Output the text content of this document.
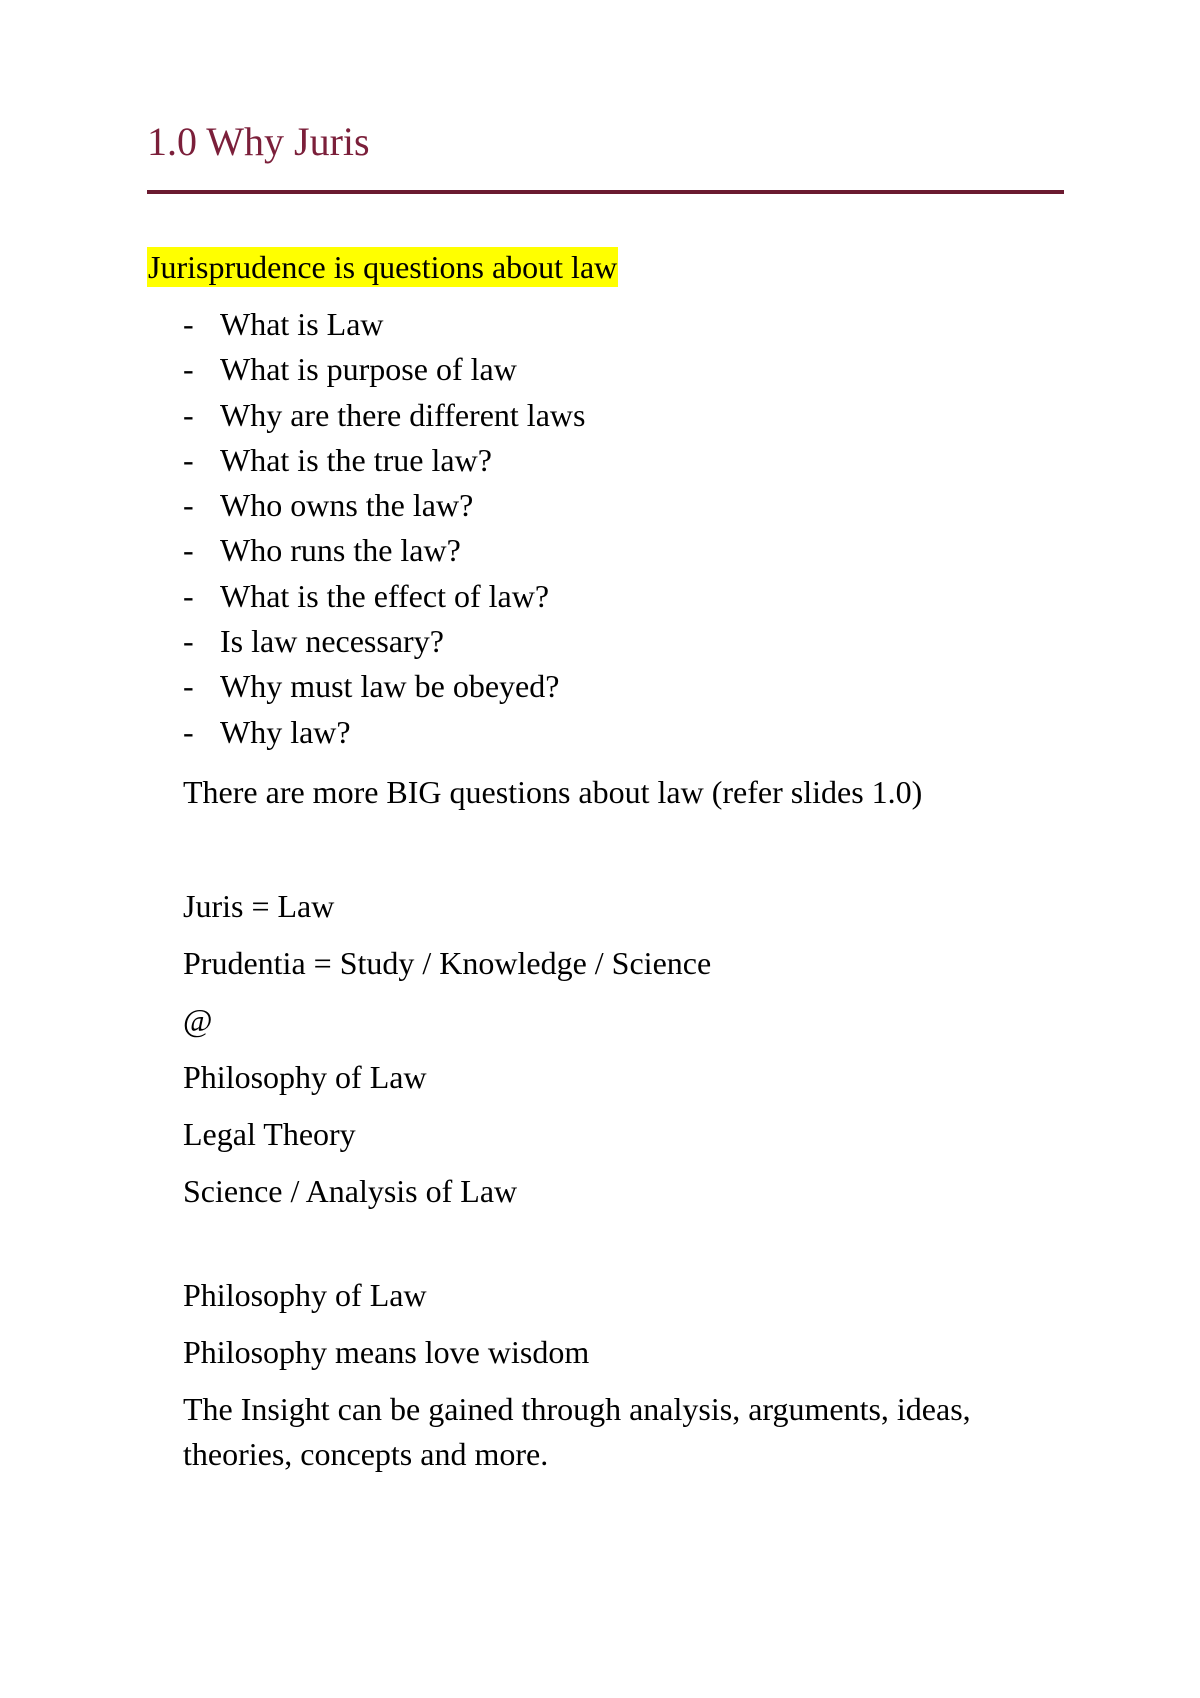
1.0 Why Juris
Jurisprudence is questions about law
- What is Law
- What is purpose of law
- Why are there different laws
- What is the true law?
- Who owns the law?
- Who runs the law?
- What is the effect of law?
- Is law necessary?
- Why must law be obeyed?
- Why law?
There are more BIG questions about law (refer slides 1.0)
Juris = Law
Prudentia = Study / Knowledge / Science
@
Philosophy of Law
Legal Theory
Science / Analysis of Law
Philosophy of Law
Philosophy means love wisdom

The Insight can be gained through analysis, arguments, ideas, theories, concepts and more.
